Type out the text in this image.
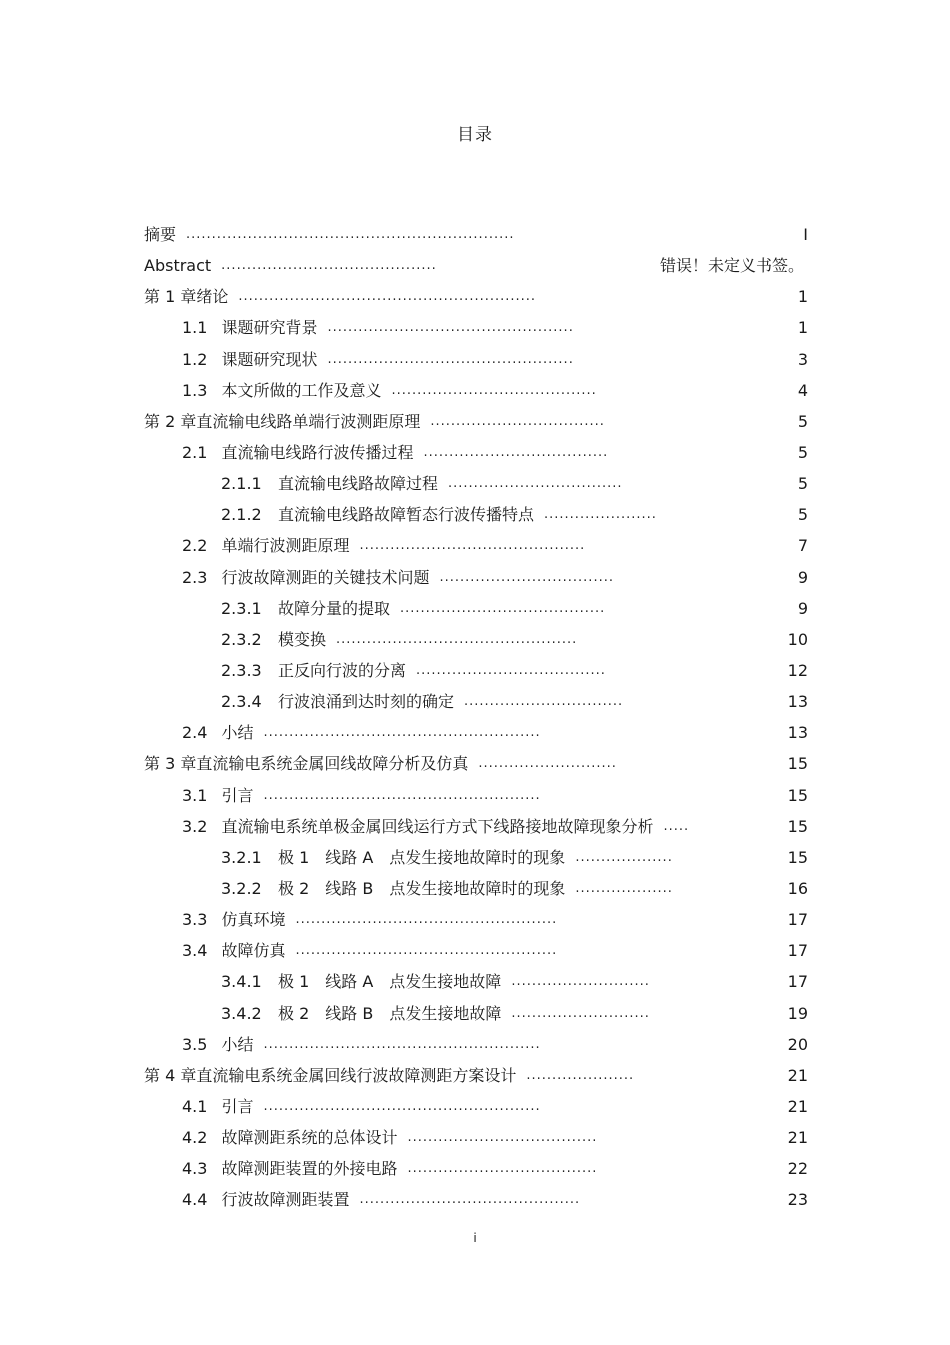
目录
摘要 ................................................................	I
Abstract ..........................................	错误！未定义书签。
第 1 章绪论 ..........................................................	1
1.1 课题研究背景 ................................................	1
1.2 课题研究现状 ................................................	3
1.3 本文所做的工作及意义 ........................................	4
第 2 章直流输电线路单端行波测距原理 ..................................	5
2.1 直流输电线路行波传播过程 ....................................	5
2.1.1 直流输电线路故障过程 ..................................	5
2.1.2 直流输电线路故障暂态行波传播特点 ......................	5
2.2 单端行波测距原理 ............................................	7
2.3 行波故障测距的关键技术问题 ..................................	9
2.3.1 故障分量的提取 ........................................	9
2.3.2 模变换 ...............................................	10
2.3.3 正反向行波的分离 .....................................	12
2.3.4 行波浪涌到达时刻的确定 ...............................	13
2.4 小结 ......................................................	13
第 3 章直流输电系统金属回线故障分析及仿真 ...........................	15
3.1 引言 ......................................................	15
3.2 直流输电系统单极金属回线运行方式下线路接地故障现象分析 .....	15
3.2.1 极 1　线路 A　点发生接地故障时的现象 ...................	15
3.2.2 极 2　线路 B　点发生接地故障时的现象 ...................	16
3.3 仿真环境 ...................................................	17
3.4 故障仿真 ...................................................	17
3.4.1 极 1　线路 A　点发生接地故障 ...........................	17
3.4.2 极 2　线路 B　点发生接地故障 ...........................	19
3.5 小结 ......................................................	20
第 4 章直流输电系统金属回线行波故障测距方案设计 .....................	21
4.1 引言 ......................................................	21
4.2 故障测距系统的总体设计 .....................................	21
4.3 故障测距装置的外接电路 .....................................	22
4.4 行波故障测距装置 ...........................................	23
i
